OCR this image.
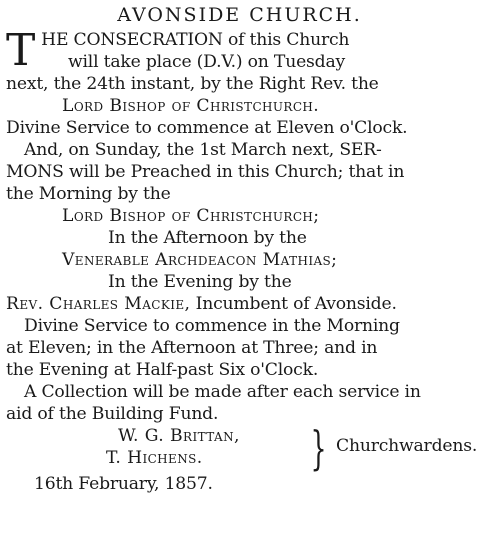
AVONSIDE CHURCH.
T HE CONSECRATION of this Church
will take place (D.V.) on Tuesday
next, the 24th instant, by the Right Rev. the
Lord Bishop of Christchurch.
Divine Service to commence at Eleven o'Clock.
And, on Sunday, the 1st March next, SER-
MONS will be Preached in this Church; that in
the Morning by the
Lord Bishop of Christchurch;
In the Afternoon by the
Venerable Archdeacon Mathias;
In the Evening by the
Rev. Charles Mackie, Incumbent of Avonside.
Divine Service to commence in the Morning
at Eleven; in the Afternoon at Three; and in
the Evening at Half-past Six o'Clock.
A Collection will be made after each service in
aid of the Building Fund.
W. G. Brittan,
T. Hichens.	} Churchwardens.
16th February, 1857.
